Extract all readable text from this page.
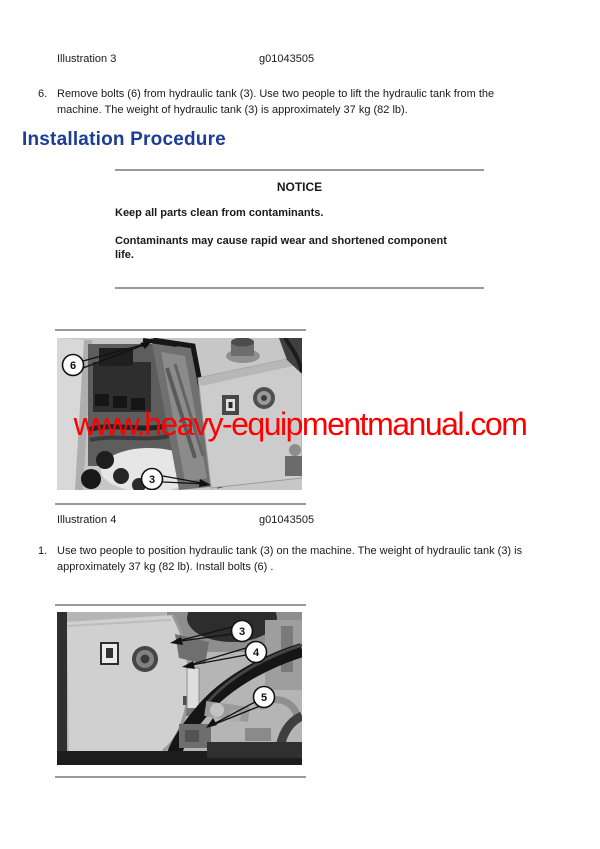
Illustration 3	g01043505
6. Remove bolts (6) from hydraulic tank (3). Use two people to lift the hydraulic tank from the
machine. The weight of hydraulic tank (3) is approximately 37 kg (82 lb).
Installation Procedure
NOTICE
Keep all parts clean from contaminants.
Contaminants may cause rapid wear and shortened component
life.
6
3
www.heavy-equipmentmanual.com
Illustration 4	g01043505
1. Use two people to position hydraulic tank (3) on the machine. The weight of hydraulic tank (3) is
approximately 37 kg (82 lb). Install bolts (6) .
3
4
5
